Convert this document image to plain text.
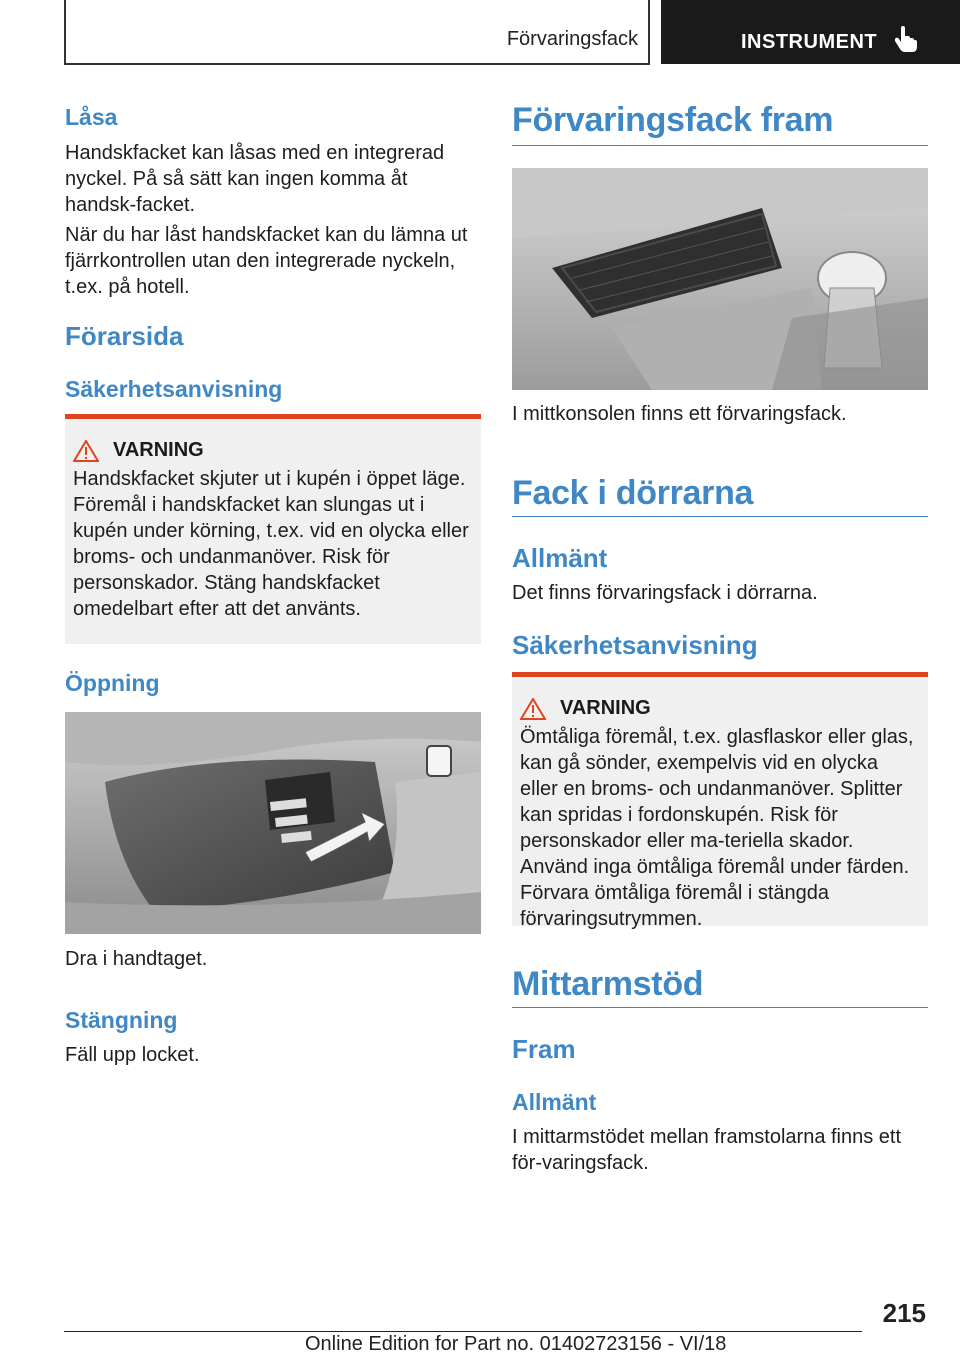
Förvaringsfack	INSTRUMENT
Låsa

Handskfacket kan låsas med en integrerad nyckel. På så sätt kan ingen komma åt handsk-facket.

När du har låst handskfacket kan du lämna ut fjärrkontrollen utan den integrerade nyckeln, t.ex. på hotell.

Förarsida
Säkerhetsanvisning
VARNING

Handskfacket skjuter ut i kupén i öppet läge. Föremål i handskfacket kan slungas ut i kupén under körning, t.ex. vid en olycka eller broms- och undanmanöver. Risk för personskador. Stäng handskfacket omedelbart efter att det använts.

Öppning

Dra i handtaget.

Stängning

Fäll upp locket.

Förvaringsfack fram

I mittkonsolen finns ett förvaringsfack.

Fack i dörrarna
Allmänt

Det finns förvaringsfack i dörrarna.

Säkerhetsanvisning
VARNING

Ömtåliga föremål, t.ex. glasflaskor eller glas, kan gå sönder, exempelvis vid en olycka eller en broms- och undanmanöver. Splitter kan spridas i fordonskupén. Risk för personskador eller ma-teriella skador. Använd inga ömtåliga föremål under färden. Förvara ömtåliga föremål i stängda förvaringsutrymmen.

Mittarmstöd
Fram
Allmänt

I mittarmstödet mellan framstolarna finns ett för-varingsfack.

215
Online Edition for Part no. 01402723156 - VI/18
